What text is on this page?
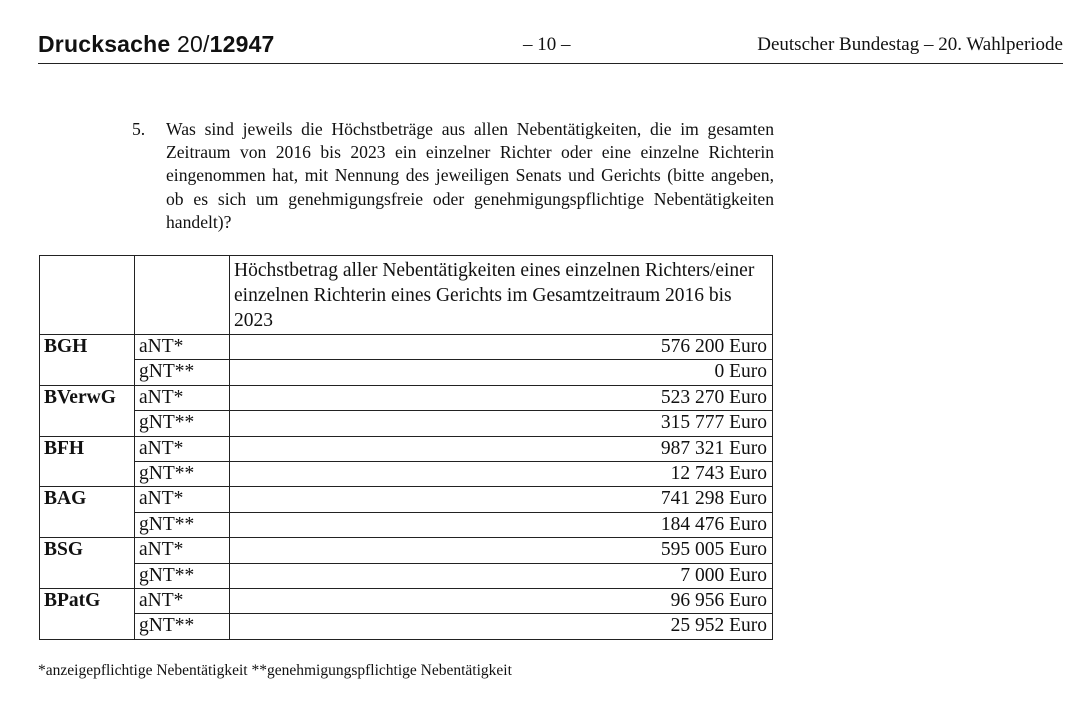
Drucksache 20/12947	– 10 –	Deutscher Bundestag – 20. Wahlperiode
5. Was sind jeweils die Höchstbeträge aus allen Nebentätigkeiten, die im gesamten Zeitraum von 2016 bis 2023 ein einzelner Richter oder eine einzelne Richterin eingenommen hat, mit Nennung des jeweiligen Senats und Gerichts (bitte angeben, ob es sich um genehmigungsfreie oder genehmigungspflichtige Nebentätigkeiten handelt)?
		Höchstbetrag aller Nebentätigkeiten eines einzelnen Richters/einer einzelnen Richterin eines Gerichts im Gesamtzeitraum 2016 bis 2023
BGH	aNT*	576 200 Euro
	gNT**	0 Euro
BVerwG	aNT*	523 270 Euro
	gNT**	315 777 Euro
BFH	aNT*	987 321 Euro
	gNT**	12 743 Euro
BAG	aNT*	741 298 Euro
	gNT**	184 476 Euro
BSG	aNT*	595 005 Euro
	gNT**	7 000 Euro
BPatG	aNT*	96 956 Euro
	gNT**	25 952 Euro
*anzeigepflichtige Nebentätigkeit **genehmigungspflichtige Nebentätigkeit
